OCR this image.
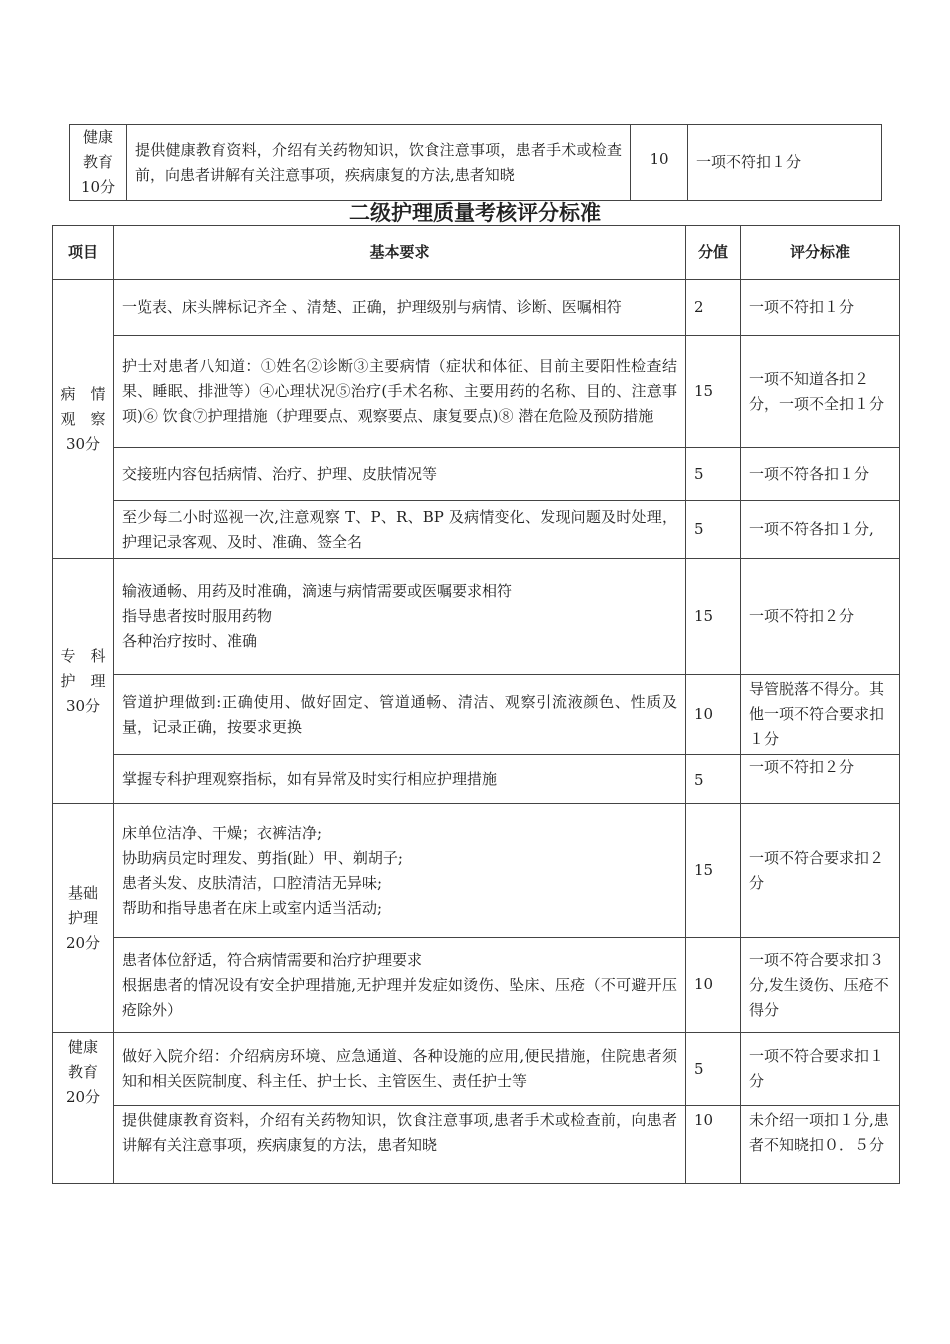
健康
教育
10分
	提供健康教育资料，介绍有关药物知识，饮食注意事项，患者手术或检查前，向患者讲解有关注意事项，疾病康复的方法,患者知晓	10	一项不符扣１分
二级护理质量考核评分标准
项目	基本要求	分值	评分标准

病　情
观　察
30分	一览表、床头牌标记齐全 、清楚、正确，护理级别与病情、诊断、医嘱相符	2	一项不符扣１分

	护士对患者八知道：①姓名②诊断③主要病情（症状和体征、目前主要阳性检查结果、睡眠、排泄等）④心理状况⑤治疗(手术名称、主要用药的名称、目的、注意事项)⑥ 饮食⑦护理措施（护理要点、观察要点、康复要点)⑧ 潜在危险及预防措施	15	一项不知道各扣２分，一项不全扣１分

	交接班内容包括病情、治疗、护理、皮肤情况等	5	一项不符各扣１分

	至少每二小时巡视一次,注意观察 T、P、R、BP 及病情变化、发现问题及时处理，护理记录客观、及时、准确、签全名	5	一项不符各扣１分,

专　科
护　理
30分	输液通畅、用药及时准确，滴速与病情需要或医嘱要求相符
指导患者按时服用药物
各种治疗按时、准确	15	一项不符扣２分

	管道护理做到:正确使用、做好固定、管道通畅、清洁、观察引流液颜色、性质及量，记录正确，按要求更换	10	导管脱落不得分。其他一项不符合要求扣１分

	掌握专科护理观察指标，如有异常及时实行相应护理措施	5	一项不符扣２分

基础
护理
20分	床单位洁净、干燥；衣裤洁净;
协助病员定时理发、剪指(趾）甲、剃胡子;
患者头发、皮肤清洁，口腔清洁无异味;
帮助和指导患者在床上或室内适当活动;	15	一项不符合要求扣２分

	患者体位舒适，符合病情需要和治疗护理要求
根据患者的情况设有安全护理措施,无护理并发症如烫伤、坠床、压疮（不可避开压疮除外）	10	一项不符合要求扣３分,发生烫伤、压疮不得分

健康
教育
20分	做好入院介绍：介绍病房环境、应急通道、各种设施的应用,便民措施，住院患者须知和相关医院制度、科主任、护士长、主管医生、责任护士等	5	一项不符合要求扣１分

	提供健康教育资料，介绍有关药物知识，饮食注意事项,患者手术或检查前，向患者讲解有关注意事项，疾病康复的方法，患者知晓	10	未介绍一项扣１分,患者不知晓扣０．５分
